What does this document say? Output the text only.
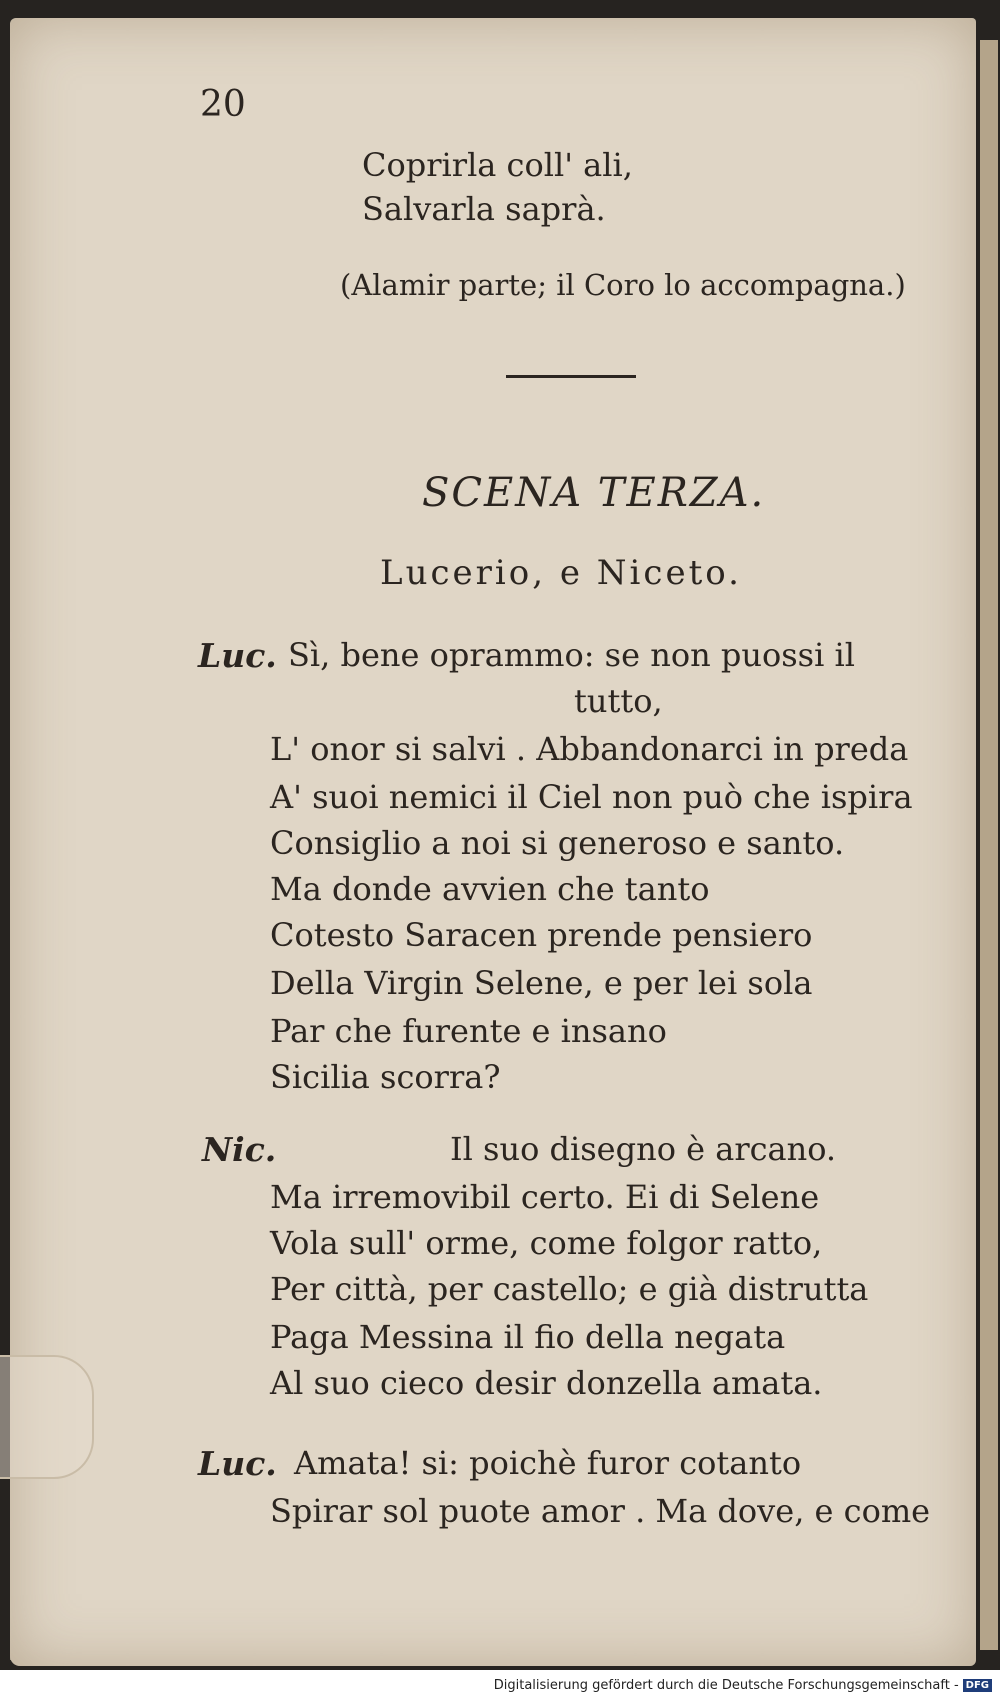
20
Coprirla coll' ali,
Salvarla saprà.
(Alamir parte; il Coro lo accompagna.)
SCENA TERZA.
Lucerio, e Niceto.
Luc. Sì, bene oprammo: se non puossi il
tutto,
L' onor si salvi . Abbandonarci in preda
A' suoi nemici il Ciel non può che ispira
Consiglio a noi si generoso e santo.
Ma donde avvien che tanto
Cotesto Saracen prende pensiero
Della Virgin Selene, e per lei sola
Par che furente e insano
Sicilia scorra?
Nic.	Il suo disegno è arcano.
Ma irremovibil certo. Ei di Selene
Vola sull' orme, come folgor ratto,
Per città, per castello; e già distrutta
Paga Messina il fio della negata
Al suo cieco desir donzella amata.
Luc. Amata! si: poichè furor cotanto
Spirar sol puote amor . Ma dove, e come
Digitalisierung gefördert durch die Deutsche Forschungsgemeinschaft - DFG
